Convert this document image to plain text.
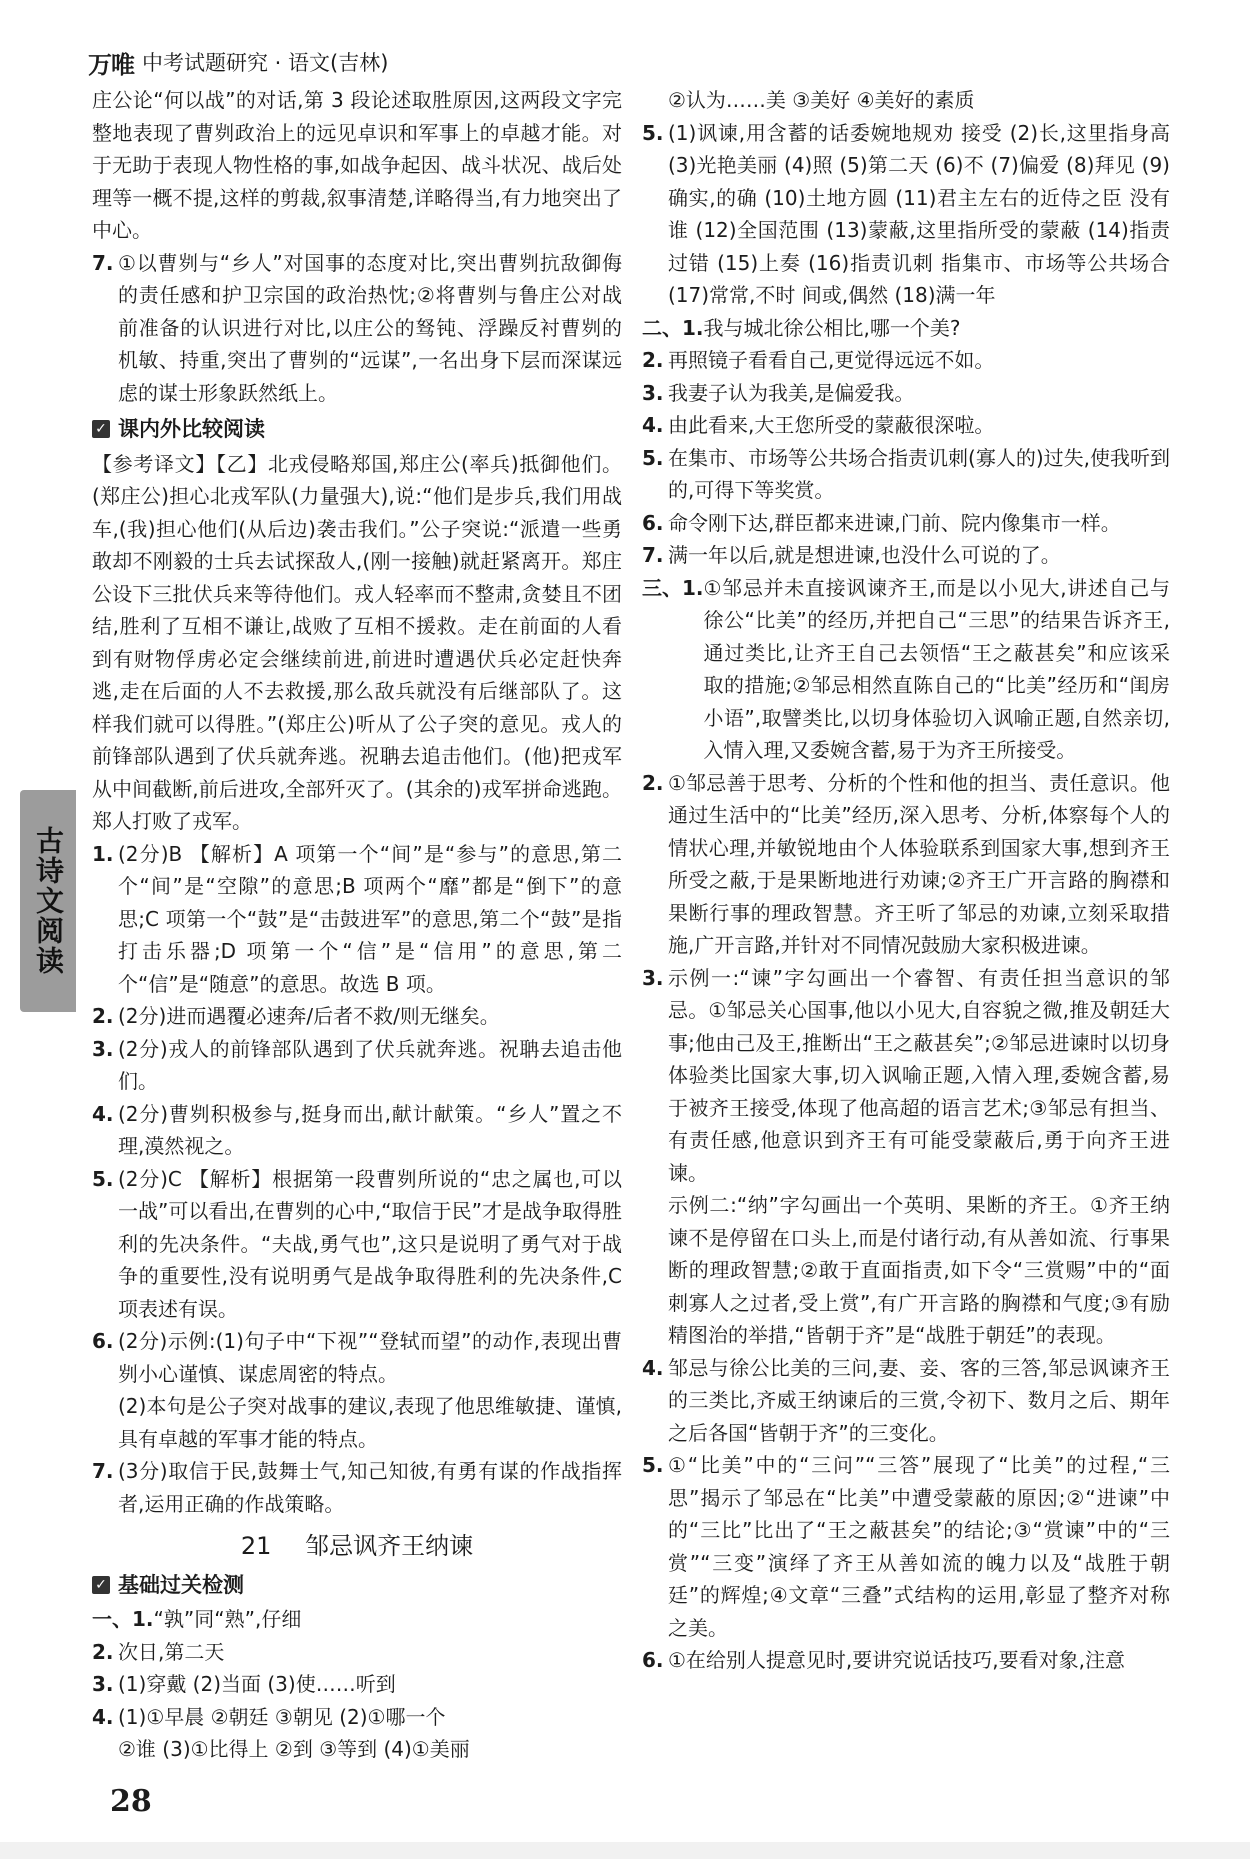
万唯 中考试题研究 · 语文(吉林)
古诗文阅读

庄公论“何以战”的对话,第 3 段论述取胜原因,这两段文字完整地表现了曹刿政治上的远见卓识和军事上的卓越才能。对于无助于表现人物性格的事,如战争起因、战斗状况、战后处理等一概不提,这样的剪裁,叙事清楚,详略得当,有力地突出了中心。

7. ①以曹刿与“乡人”对国事的态度对比,突出曹刿抗敌御侮的责任感和护卫宗国的政治热忱;②将曹刿与鲁庄公对战前准备的认识进行对比,以庄公的驽钝、浮躁反衬曹刿的机敏、持重,突出了曹刿的“远谋”,一名出身下层而深谋远虑的谋士形象跃然纸上。
✓ 课内外比较阅读

【参考译文】【乙】北戎侵略郑国,郑庄公(率兵)抵御他们。(郑庄公)担心北戎军队(力量强大),说:“他们是步兵,我们用战车,(我)担心他们(从后边)袭击我们。”公子突说:“派遣一些勇敢却不刚毅的士兵去试探敌人,(刚一接触)就赶紧离开。郑庄公设下三批伏兵来等待他们。戎人轻率而不整肃,贪婪且不团结,胜利了互相不谦让,战败了互相不援救。走在前面的人看到有财物俘虏必定会继续前进,前进时遭遇伏兵必定赶快奔逃,走在后面的人不去救援,那么敌兵就没有后继部队了。这样我们就可以得胜。”(郑庄公)听从了公子突的意见。戎人的前锋部队遇到了伏兵就奔逃。祝聃去追击他们。(他)把戎军从中间截断,前后进攻,全部歼灭了。(其余的)戎军拼命逃跑。郑人打败了戎军。

1. (2分)B 【解析】A 项第一个“间”是“参与”的意思,第二个“间”是“空隙”的意思;B 项两个“靡”都是“倒下”的意思;C 项第一个“鼓”是“击鼓进军”的意思,第二个“鼓”是指打击乐器;D 项第一个“信”是“信用”的意思,第二个“信”是“随意”的意思。故选 B 项。
2. (2分)进而遇覆必速奔/后者不救/则无继矣。
3. (2分)戎人的前锋部队遇到了伏兵就奔逃。祝聃去追击他们。
4. (2分)曹刿积极参与,挺身而出,献计献策。“乡人”置之不理,漠然视之。
5. (2分)C 【解析】根据第一段曹刿所说的“忠之属也,可以一战”可以看出,在曹刿的心中,“取信于民”才是战争取得胜利的先决条件。“夫战,勇气也”,这只是说明了勇气对于战争的重要性,没有说明勇气是战争取得胜利的先决条件,C 项表述有误。
6. (2分)示例:(1)句子中“下视”“登轼而望”的动作,表现出曹刿小心谨慎、谋虑周密的特点。
(2)本句是公子突对战事的建议,表现了他思维敏捷、谨慎,具有卓越的军事才能的特点。
7. (3分)取信于民,鼓舞士气,知己知彼,有勇有谋的作战指挥者,运用正确的作战策略。
21 邹忌讽齐王纳谏
✓ 基础过关检测
一、1. “孰”同“熟”,仔细
2. 次日,第二天
3. (1)穿戴 (2)当面 (3)使……听到
4. (1)①早晨 ②朝廷 ③朝见 (2)①哪一个
②谁 (3)①比得上 ②到 ③等到 (4)①美丽

②认为……美 ③美好 ④美好的素质

5. (1)讽谏,用含蓄的话委婉地规劝 接受 (2)长,这里指身高 (3)光艳美丽 (4)照 (5)第二天 (6)不 (7)偏爱 (8)拜见 (9)确实,的确 (10)土地方圆 (11)君主左右的近侍之臣 没有谁 (12)全国范围 (13)蒙蔽,这里指所受的蒙蔽 (14)指责 过错 (15)上奏 (16)指责讥刺 指集市、市场等公共场合 (17)常常,不时 间或,偶然 (18)满一年
二、1. 我与城北徐公相比,哪一个美?
2. 再照镜子看看自己,更觉得远远不如。
3. 我妻子认为我美,是偏爱我。
4. 由此看来,大王您所受的蒙蔽很深啦。
5. 在集市、市场等公共场合指责讥刺(寡人的)过失,使我听到的,可得下等奖赏。
6. 命令刚下达,群臣都来进谏,门前、院内像集市一样。
7. 满一年以后,就是想进谏,也没什么可说的了。
三、1. ①邹忌并未直接讽谏齐王,而是以小见大,讲述自己与徐公“比美”的经历,并把自己“三思”的结果告诉齐王,通过类比,让齐王自己去领悟“王之蔽甚矣”和应该采取的措施;②邹忌相然直陈自己的“比美”经历和“闺房小语”,取譬类比,以切身体验切入讽喻正题,自然亲切,入情入理,又委婉含蓄,易于为齐王所接受。
2. ①邹忌善于思考、分析的个性和他的担当、责任意识。他通过生活中的“比美”经历,深入思考、分析,体察每个人的情状心理,并敏锐地由个人体验联系到国家大事,想到齐王所受之蔽,于是果断地进行劝谏;②齐王广开言路的胸襟和果断行事的理政智慧。齐王听了邹忌的劝谏,立刻采取措施,广开言路,并针对不同情况鼓励大家积极进谏。
3. 示例一:“谏”字勾画出一个睿智、有责任担当意识的邹忌。①邹忌关心国事,他以小见大,自容貌之微,推及朝廷大事;他由己及王,推断出“王之蔽甚矣”;②邹忌进谏时以切身体验类比国家大事,切入讽喻正题,入情入理,委婉含蓄,易于被齐王接受,体现了他高超的语言艺术;③邹忌有担当、有责任感,他意识到齐王有可能受蒙蔽后,勇于向齐王进谏。
示例二:“纳”字勾画出一个英明、果断的齐王。①齐王纳谏不是停留在口头上,而是付诸行动,有从善如流、行事果断的理政智慧;②敢于直面指责,如下令“三赏赐”中的“面刺寡人之过者,受上赏”,有广开言路的胸襟和气度;③有励精图治的举措,“皆朝于齐”是“战胜于朝廷”的表现。
4. 邹忌与徐公比美的三问,妻、妾、客的三答,邹忌讽谏齐王的三类比,齐威王纳谏后的三赏,令初下、数月之后、期年之后各国“皆朝于齐”的三变化。
5. ①“比美”中的“三问”“三答”展现了“比美”的过程,“三思”揭示了邹忌在“比美”中遭受蒙蔽的原因;②“进谏”中的“三比”比出了“王之蔽甚矣”的结论;③“赏谏”中的“三赏”“三变”演绎了齐王从善如流的魄力以及“战胜于朝廷”的辉煌;④文章“三叠”式结构的运用,彰显了整齐对称之美。
6. ①在给别人提意见时,要讲究说话技巧,要看对象,注意
28
